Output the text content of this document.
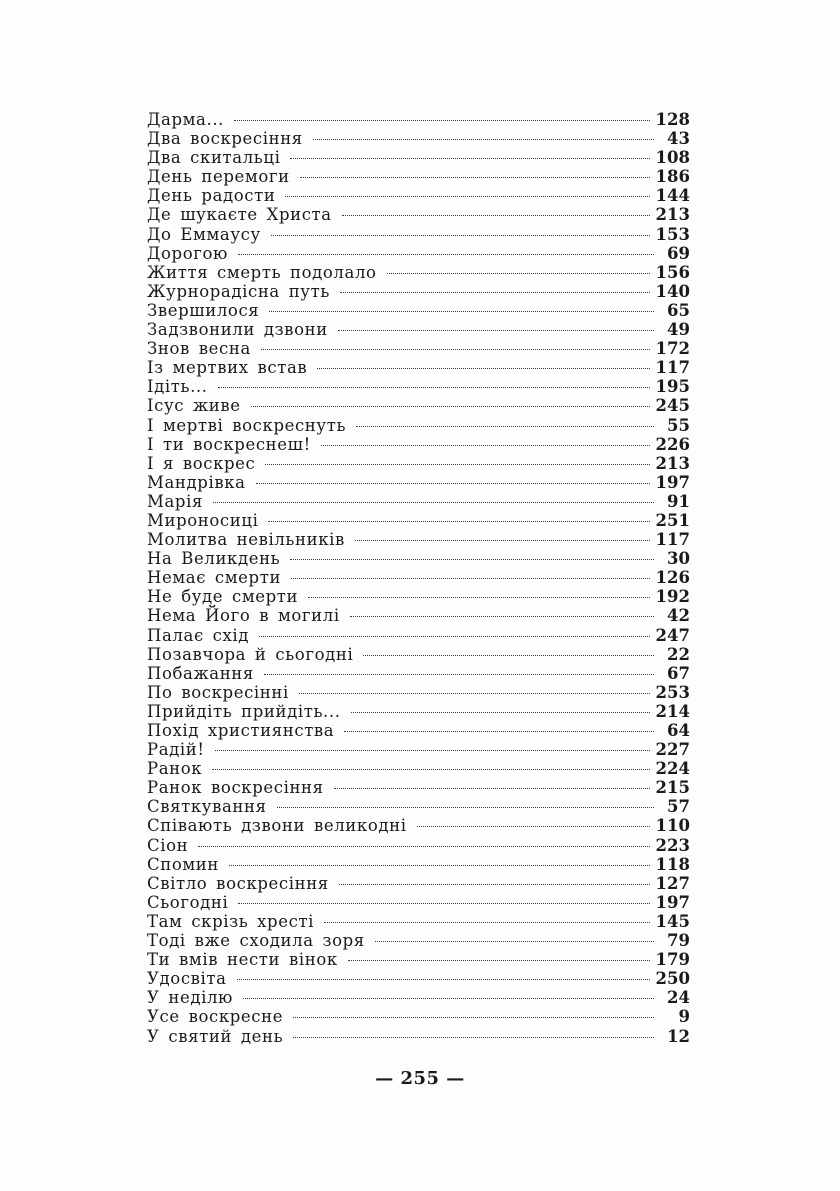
Дарма...	128
Два воскресіння	43
Два скитальці	108
День перемоги	186
День радости	144
Де шукаєте Христа	213
До Еммаусу	153
Дорогою	69
Життя смерть подолало	156
Журнорадісна путь	140
Звершилося	65
Задзвонили дзвони	49
Знов весна	172
Із мертвих встав	117
Ідіть...	195
Ісус живе	245
І мертві воскреснуть	55
І ти воскреснеш!	226
І я воскрес	213
Мандрівка	197
Марія	91
Мироносиці	251
Молитва невільників	117
На Великдень	30
Немає смерти	126
Не буде смерти	192
Нема Його в могилі	42
Палає схід	247
Позавчора й сьогодні	22
Побажання	67
По воскресінні	253
Прийдіть прийдіть...	214
Похід християнства	64
Радій!	227
Ранок	224
Ранок воскресіння	215
Святкування	57
Співають дзвони великодні	110
Сіон	223
Спомин	118
Світло воскресіння	127
Сьогодні	197
Там скрізь хресті	145
Тоді вже сходила зоря	79
Ти вмів нести вінок	179
Удосвіта	250
У неділю	24
Усе воскресне	9
У святий день	12
— 255 —
